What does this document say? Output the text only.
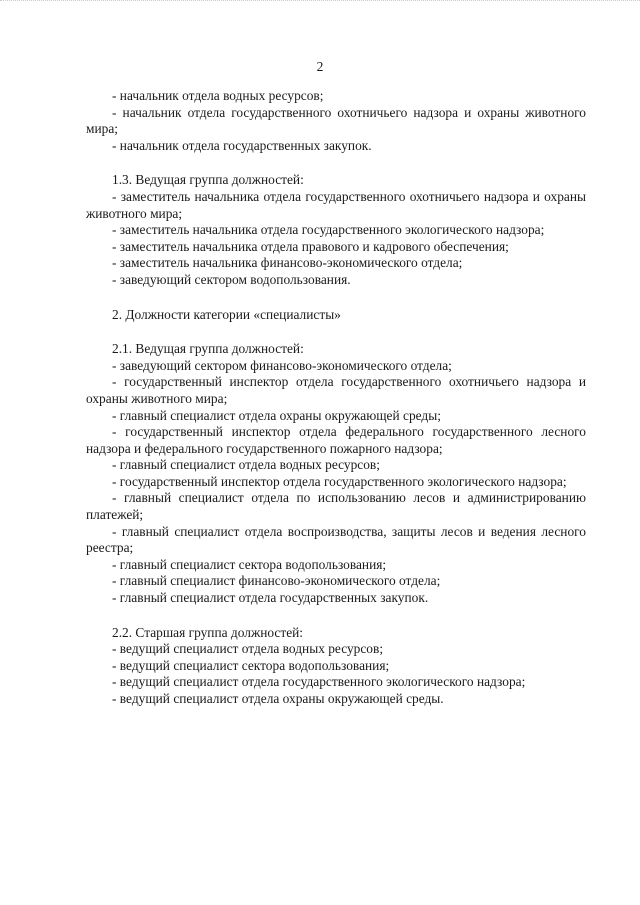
2

- начальник отдела водных ресурсов;

- начальник отдела государственного охотничьего надзора и охраны животного мира;

- начальник отдела государственных закупок.

1.3. Ведущая группа должностей:

- заместитель начальника отдела государственного охотничьего надзора и охраны животного мира;

- заместитель начальника отдела государственного экологического надзора;

- заместитель начальника отдела правового и кадрового обеспечения;

- заместитель начальника финансово-экономического отдела;

- заведующий сектором водопользования.

2. Должности категории «специалисты»

2.1. Ведущая группа должностей:

- заведующий сектором финансово-экономического отдела;

- государственный инспектор отдела государственного охотничьего надзора и охраны животного мира;

- главный специалист отдела охраны окружающей среды;

- государственный инспектор отдела федерального государственного лесного надзора и федерального государственного пожарного надзора;

- главный специалист отдела водных ресурсов;

- государственный инспектор отдела государственного экологического надзора;

- главный специалист отдела по использованию лесов и администрированию платежей;

- главный специалист отдела воспроизводства, защиты лесов и ведения лесного реестра;

- главный специалист сектора водопользования;

- главный специалист финансово-экономического отдела;

- главный специалист отдела государственных закупок.

2.2. Старшая группа должностей:

- ведущий специалист отдела водных ресурсов;

- ведущий специалист сектора водопользования;

- ведущий специалист отдела государственного экологического надзора;

- ведущий специалист отдела охраны окружающей среды.
